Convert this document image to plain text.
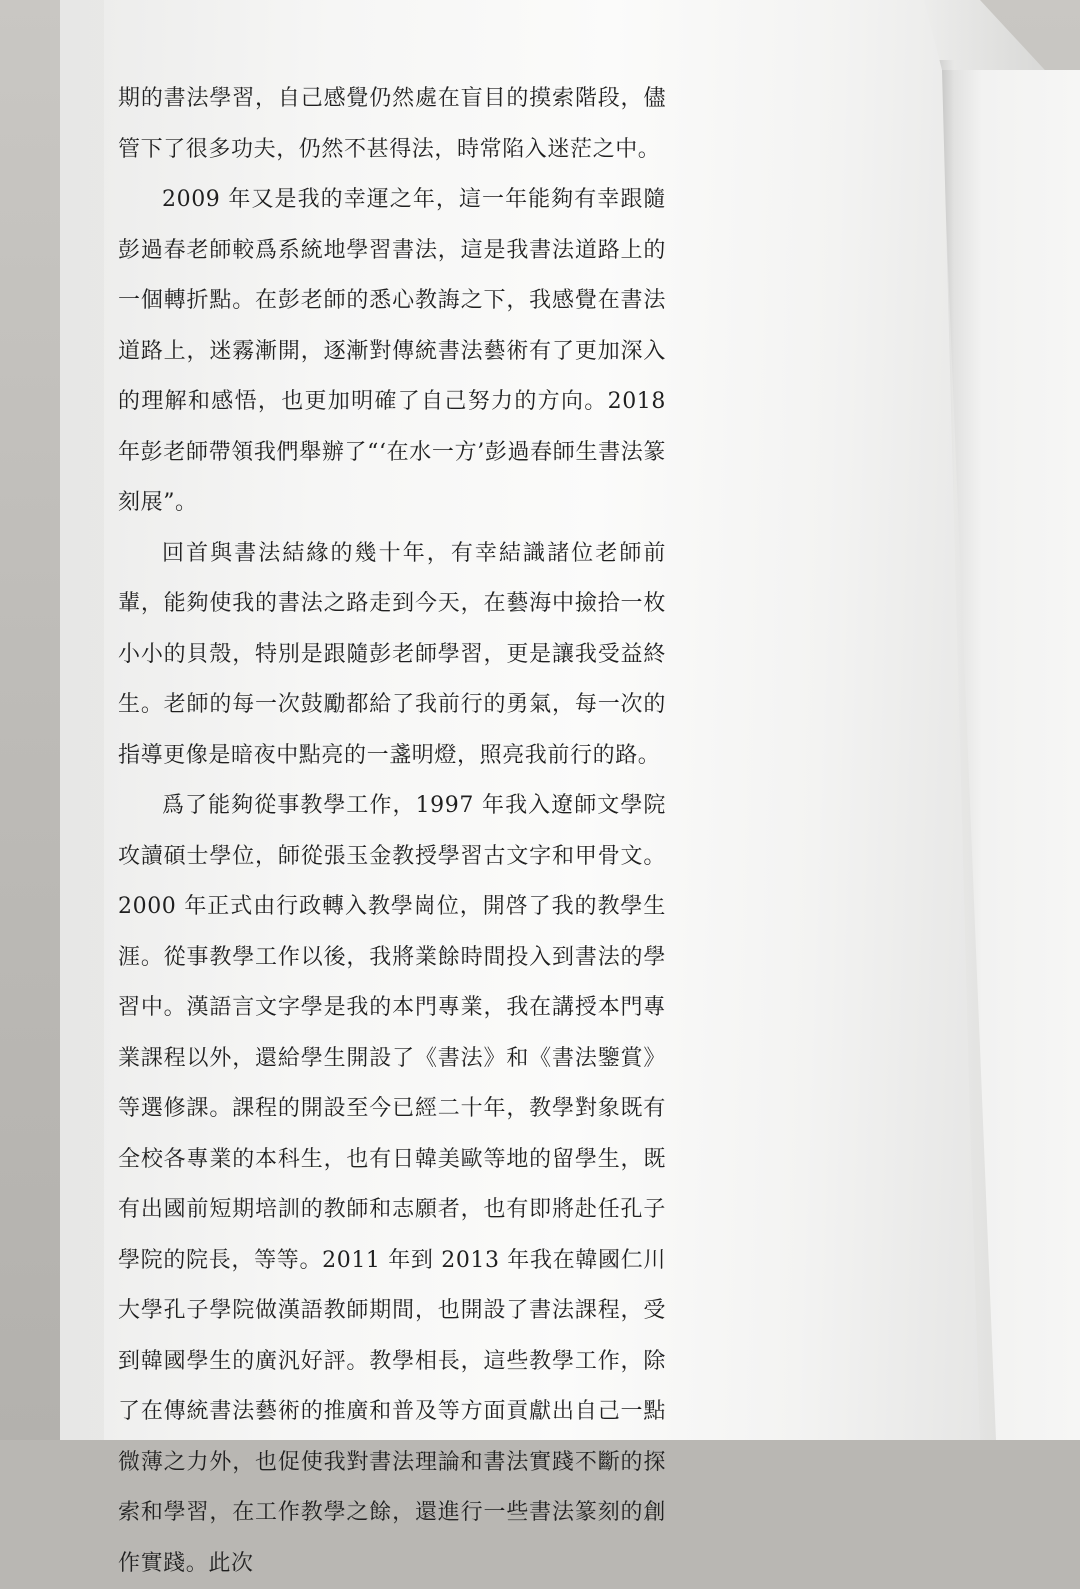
期的書法學習，自己感覺仍然處在盲目的摸索階段，儘管下了很多功夫，仍然不甚得法，時常陷入迷茫之中。

2009 年又是我的幸運之年，這一年能夠有幸跟隨彭過春老師較爲系統地學習書法，這是我書法道路上的一個轉折點。在彭老師的悉心教誨之下，我感覺在書法道路上，迷霧漸開，逐漸對傳統書法藝術有了更加深入的理解和感悟，也更加明確了自己努力的方向。2018 年彭老師帶領我們舉辦了“‘在水一方’彭過春師生書法篆刻展”。

回首與書法結緣的幾十年，有幸結識諸位老師前輩，能夠使我的書法之路走到今天，在藝海中撿拾一枚小小的貝殼，特別是跟隨彭老師學習，更是讓我受益終生。老師的每一次鼓勵都給了我前行的勇氣，每一次的指導更像是暗夜中點亮的一盞明燈，照亮我前行的路。

爲了能夠從事教學工作，1997 年我入遼師文學院攻讀碩士學位，師從張玉金教授學習古文字和甲骨文。2000 年正式由行政轉入教學崗位，開啓了我的教學生涯。從事教學工作以後，我將業餘時間投入到書法的學習中。漢語言文字學是我的本門專業，我在講授本門專業課程以外，還給學生開設了《書法》和《書法鑒賞》等選修課。課程的開設至今已經二十年，教學對象既有全校各專業的本科生，也有日韓美歐等地的留學生，既有出國前短期培訓的教師和志願者，也有即將赴任孔子學院的院長，等等。2011 年到 2013 年我在韓國仁川大學孔子學院做漢語教師期間，也開設了書法課程，受到韓國學生的廣汎好評。教學相長，這些教學工作，除了在傳統書法藝術的推廣和普及等方面貢獻出自己一點微薄之力外，也促使我對書法理論和書法實踐不斷的探索和學習，在工作教學之餘，還進行一些書法篆刻的創作實踐。此次
